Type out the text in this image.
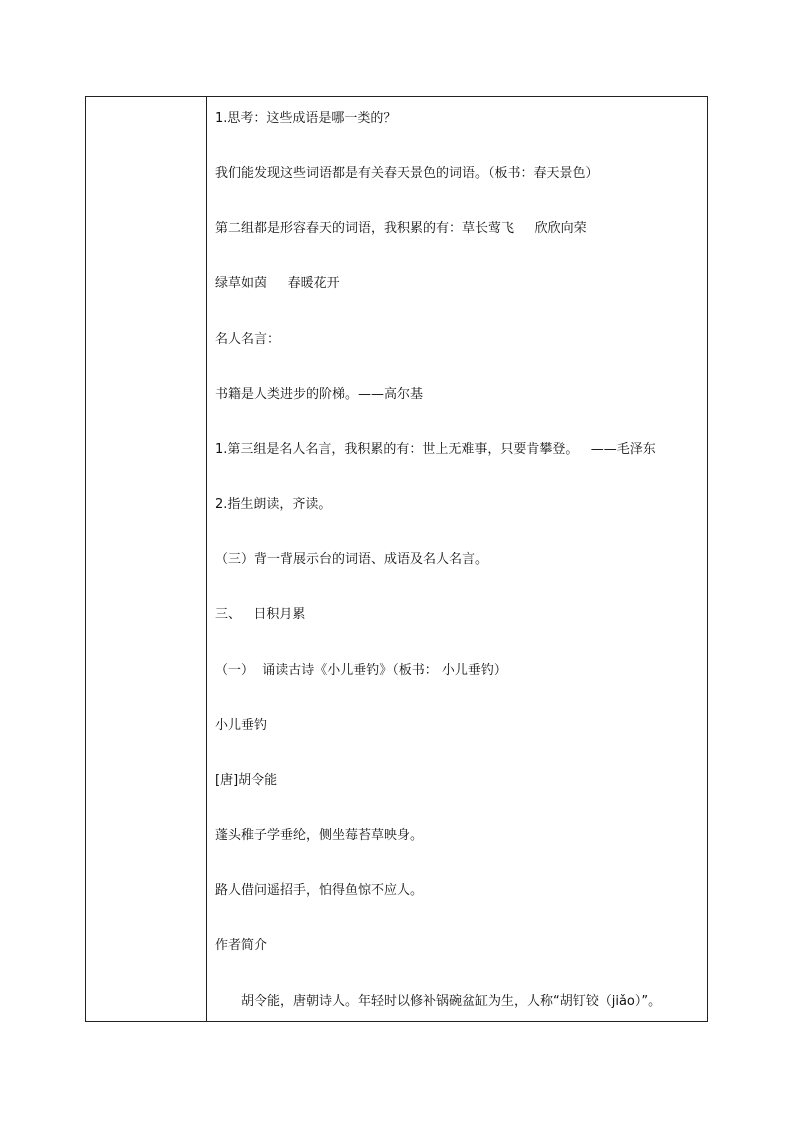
1.思考：这些成语是哪一类的？
我们能发现这些词语都是有关春天景色的词语。（板书：春天景色）
第二组都是形容春天的词语，我积累的有：草长莺飞     欣欣向荣
绿草如茵     春暖花开
名人名言：
书籍是人类进步的阶梯。——高尔基
1.第三组是名人名言，我积累的有：世上无难事，只要肯攀登。   ——毛泽东
2.指生朗读，齐读。
（三）背一背展示台的词语、成语及名人名言。
三、   日积月累
（一）  诵读古诗《小儿垂钓》（板书： 小儿垂钓）
小儿垂钓
[唐]胡令能
蓬头稚子学垂纶，侧坐莓苔草映身。
路人借问遥招手，怕得鱼惊不应人。
作者简介
胡令能，唐朝诗人。年轻时以修补锅碗盆缸为生，人称“胡钉铰（jiǎo）”。
